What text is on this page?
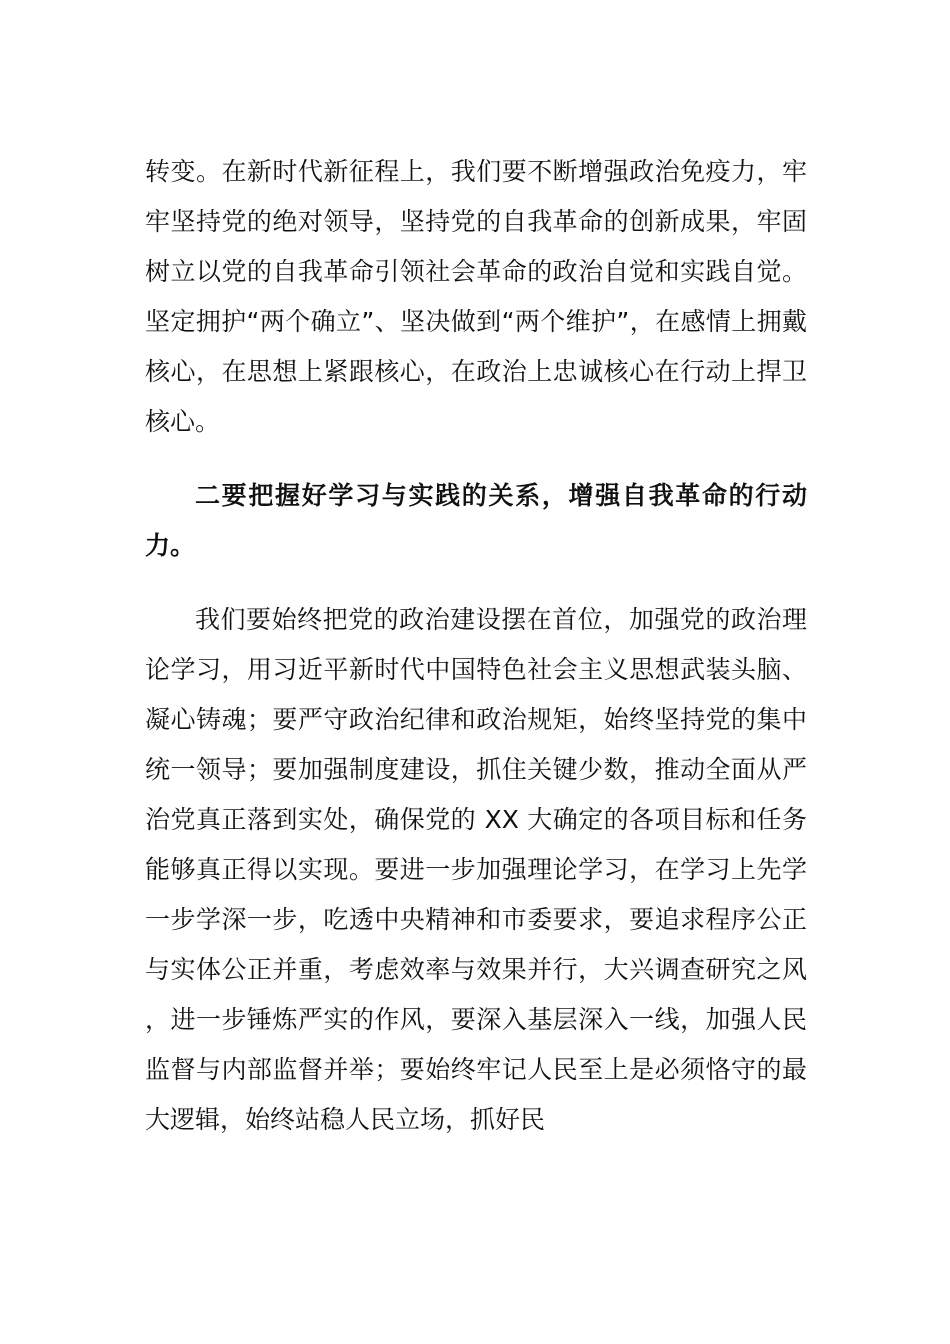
转变。在新时代新征程上，我们要不断增强政治免疫力，牢牢坚持党的绝对领导，坚持党的自我革命的创新成果，牢固树立以党的自我革命引领社会革命的政治自觉和实践自觉。坚定拥护“两个确立”、坚决做到“两个维护”，在感情上拥戴核心，在思想上紧跟核心，在政治上忠诚核心在行动上捍卫核心。

二要把握好学习与实践的关系，增强自我革命的行动力。

我们要始终把党的政治建设摆在首位，加强党的政治理论学习，用习近平新时代中国特色社会主义思想武装头脑、凝心铸魂；要严守政治纪律和政治规矩，始终坚持党的集中统一领导；要加强制度建设，抓住关键少数，推动全面从严治党真正落到实处，确保党的 XX 大确定的各项目标和任务能够真正得以实现。要进一步加强理论学习，在学习上先学一步学深一步，吃透中央精神和市委要求，要追求程序公正与实体公正并重，考虑效率与效果并行，大兴调查研究之风，进一步锤炼严实的作风，要深入基层深入一线，加强人民监督与内部监督并举；要始终牢记人民至上是必须恪守的最大逻辑，始终站稳人民立场，抓好民
